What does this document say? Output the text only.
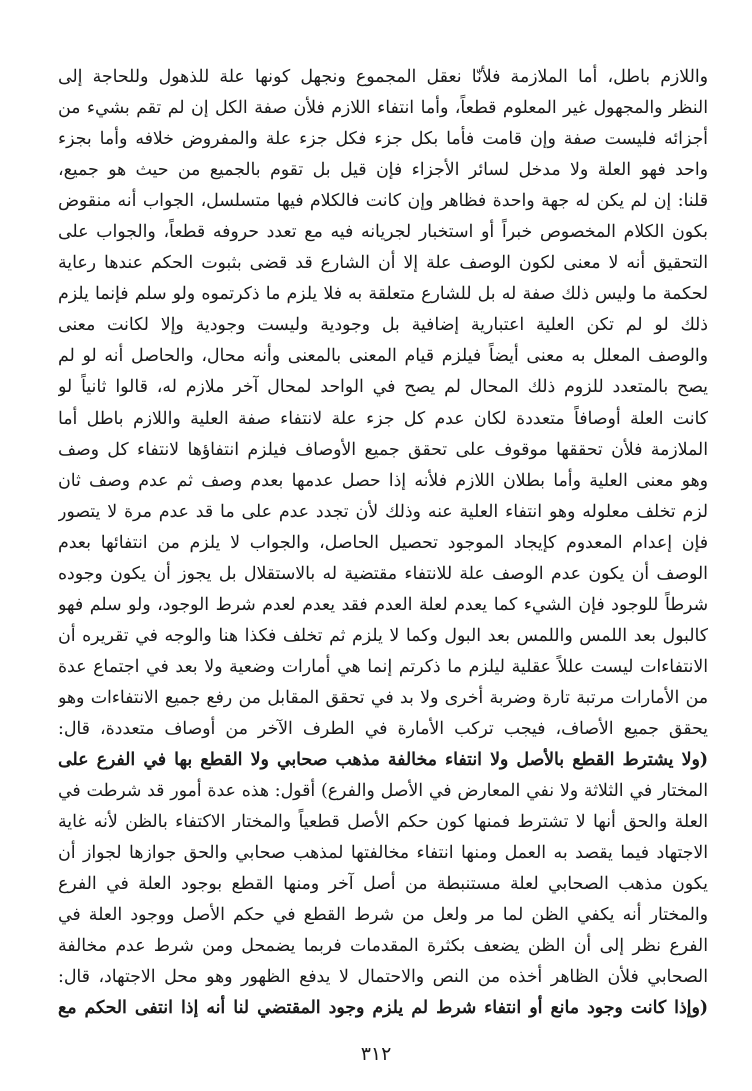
واللازم باطل، أما الملازمة فلأنّا نعقل المجموع ونجهل كونها علة للذهول وللحاجة إلى
النظر والمجهول غير المعلوم قطعاً، وأما انتفاء اللازم فلأن صفة الكل إن لم تقم بشيء من
أجزائه فليست صفة وإن قامت فأما بكل جزء فكل جزء علة والمفروض خلافه وأما بجزء
واحد فهو العلة ولا مدخل لسائر الأجزاء فإن قيل بل تقوم بالجميع من حيث هو جميع،
قلنا: إن لم يكن له جهة واحدة فظاهر وإن كانت فالكلام فيها متسلسل، الجواب أنه منقوض
بكون الكلام المخصوص خبراً أو استخبار لجريانه فيه مع تعدد حروفه قطعاً، والجواب على
التحقيق أنه لا معنى لكون الوصف علة إلا أن الشارع قد قضى بثبوت الحكم عندها رعاية
لحكمة ما وليس ذلك صفة له بل للشارع متعلقة به فلا يلزم ما ذكرتموه ولو سلم فإنما يلزم
ذلك لو لم تكن العلية اعتبارية إضافية بل وجودية وليست وجودية وإلا لكانت معنى
والوصف المعلل به معنى أيضاً فيلزم قيام المعنى بالمعنى وأنه محال، والحاصل أنه لو لم
يصح بالمتعدد للزوم ذلك المحال لم يصح في الواحد لمحال آخر ملازم له، قالوا ثانياً لو
كانت العلة أوصافاً متعددة لكان عدم كل جزء علة لانتفاء صفة العلية واللازم باطل أما
الملازمة فلأن تحققها موقوف على تحقق جميع الأوصاف فيلزم انتفاؤها لانتفاء كل وصف
وهو معنى العلية وأما بطلان اللازم فلأنه إذا حصل عدمها بعدم وصف ثم عدم وصف ثان
لزم تخلف معلوله وهو انتفاء العلية عنه وذلك لأن تجدد عدم على ما قد عدم مرة لا يتصور
فإن إعدام المعدوم كإيجاد الموجود تحصيل الحاصل، والجواب لا يلزم من انتفائها بعدم
الوصف أن يكون عدم الوصف علة للانتفاء مقتضية له بالاستقلال بل يجوز أن يكون وجوده
شرطاً للوجود فإن الشيء كما يعدم لعلة العدم فقد يعدم لعدم شرط الوجود، ولو سلم فهو
كالبول بعد اللمس واللمس بعد البول وكما لا يلزم ثم تخلف فكذا هنا والوجه في تقريره أن
الانتفاءات ليست عللاً عقلية ليلزم ما ذكرتم إنما هي أمارات وضعية ولا بعد في اجتماع عدة
من الأمارات مرتبة تارة وضربة أخرى ولا بد في تحقق المقابل من رفع جميع الانتفاءات وهو
يحقق جميع الأصاف، فيجب تركب الأمارة في الطرف الآخر من أوصاف متعددة، قال:
(ولا يشترط القطع بالأصل ولا انتفاء مخالفة مذهب صحابي ولا القطع بها في الفرع على
المختار في الثلاثة ولا نفي المعارض في الأصل والفرع) أقول: هذه عدة أمور قد شرطت في
العلة والحق أنها لا تشترط فمنها كون حكم الأصل قطعياً والمختار الاكتفاء بالظن لأنه غاية
الاجتهاد فيما يقصد به العمل ومنها انتفاء مخالفتها لمذهب صحابي والحق جوازها لجواز أن
يكون مذهب الصحابي لعلة مستنبطة من أصل آخر ومنها القطع بوجود العلة في الفرع
والمختار أنه يكفي الظن لما مر ولعل من شرط القطع في حكم الأصل ووجود العلة في
الفرع نظر إلى أن الظن يضعف بكثرة المقدمات فربما يضمحل ومن شرط عدم مخالفة
الصحابي فلأن الظاهر أخذه من النص والاحتمال لا يدفع الظهور وهو محل الاجتهاد، قال:
(وإذا كانت وجود مانع أو انتفاء شرط لم يلزم وجود المقتضي لنا أنه إذا انتفى الحكم مع
٣١٢
